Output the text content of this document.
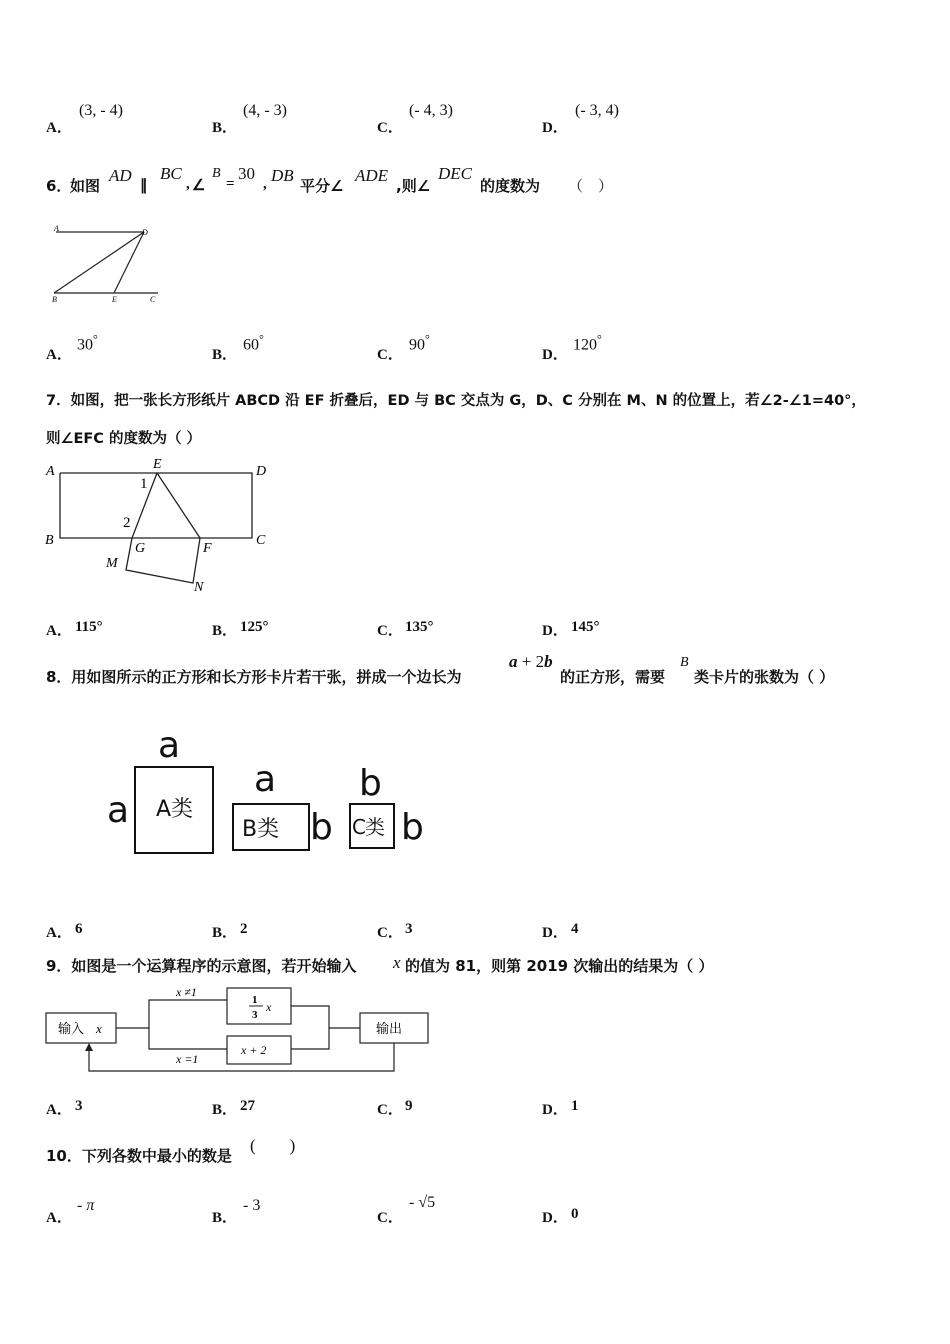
A．
(3, - 4)
B．
(4, - 3)
C．
(- 4, 3)
D．
(- 3, 4)
6．
如图
AD
∥
BC
, ∠
B
=
30
, DB
平分∠
ADE
,则∠
DEC
的度数为 （　）
A	D
B	E	C
A．
30°
B．
60°
C．
90°
D．
120°
7．如图，把一张长方形纸片 ABCD 沿 EF 折叠后，ED 与 BC 交点为 G，D、C 分别在 M、N 的位置上，若∠2-∠1=40°，
则∠EFC 的度数为（ ）
A	E	D
1
2
B
G	F
C
M
N
A． 115°	B． 125°	C． 135°	D． 145°
8．用如图所示的正方形和长方形卡片若干张，拼成一个边长为
a + 2b
的正方形，需要
B
类卡片的张数为（ ）
a
a A类
a
B类 b
b
C类 b
A． 6	B． 2	C． 3	D． 4
9．如图是一个运算程序的示意图，若开始输入 x 的值为 81，则第 2019 次输出的结果为（ ）
输入 x
x ≠1
1
3
x
x =1
x + 2
输出
A． 3	B． 27	C． 9	D． 1
10．下列各数中最小的数是
(　　)
A．
- π
B．
- 3
C．
- √5
D． 0
